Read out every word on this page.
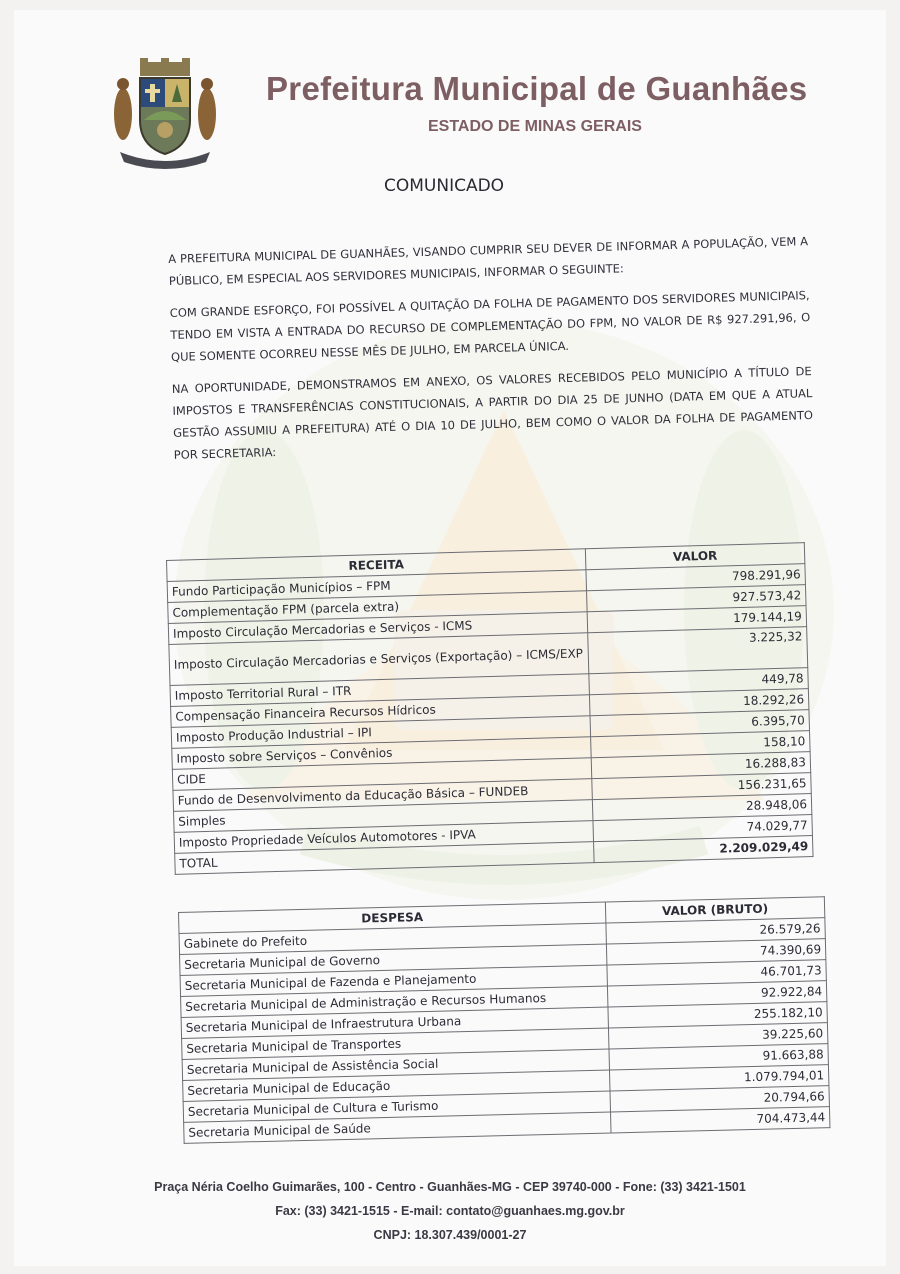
Prefeitura Municipal de Guanhães
ESTADO DE MINAS GERAIS
COMUNICADO

A PREFEITURA MUNICIPAL DE GUANHÃES, VISANDO CUMPRIR SEU DEVER DE INFORMAR A POPULAÇÃO, VEM A PÚBLICO, EM ESPECIAL AOS SERVIDORES MUNICIPAIS, INFORMAR O SEGUINTE:

COM GRANDE ESFORÇO, FOI POSSÍVEL A QUITAÇÃO DA FOLHA DE PAGAMENTO DOS SERVIDORES MUNICIPAIS, TENDO EM VISTA A ENTRADA DO RECURSO DE COMPLEMENTAÇÃO DO FPM, NO VALOR DE R$ 927.291,96, O QUE SOMENTE OCORREU NESSE MÊS DE JULHO, EM PARCELA ÚNICA.

NA OPORTUNIDADE, DEMONSTRAMOS EM ANEXO, OS VALORES RECEBIDOS PELO MUNICÍPIO A TÍTULO DE IMPOSTOS E TRANSFERÊNCIAS CONSTITUCIONAIS, A PARTIR DO DIA 25 DE JUNHO (DATA EM QUE A ATUAL GESTÃO ASSUMIU A PREFEITURA) ATÉ O DIA 10 DE JULHO, BEM COMO O VALOR DA FOLHA DE PAGAMENTO POR SECRETARIA:

RECEITA	VALOR
Fundo Participação Municípios – FPM	798.291,96
Complementação FPM (parcela extra)	927.573,42
Imposto Circulação Mercadorias e Serviços - ICMS	179.144,19
Imposto Circulação Mercadorias e Serviços (Exportação) – ICMS/EXP	3.225,32
Imposto Territorial Rural – ITR	449,78
Compensação Financeira Recursos Hídricos	18.292,26
Imposto Produção Industrial – IPI	6.395,70
Imposto sobre Serviços – Convênios	158,10
CIDE	16.288,83
Fundo de Desenvolvimento da Educação Básica – FUNDEB	156.231,65
Simples	28.948,06
Imposto Propriedade Veículos Automotores - IPVA	74.029,77
TOTAL	2.209.029,49
DESPESA	VALOR (BRUTO)
Gabinete do Prefeito	26.579,26
Secretaria Municipal de Governo	74.390,69
Secretaria Municipal de Fazenda e Planejamento	46.701,73
Secretaria Municipal de Administração e Recursos Humanos	92.922,84
Secretaria Municipal de Infraestrutura Urbana	255.182,10
Secretaria Municipal de Transportes	39.225,60
Secretaria Municipal de Assistência Social	91.663,88
Secretaria Municipal de Educação	1.079.794,01
Secretaria Municipal de Cultura e Turismo	20.794,66
Secretaria Municipal de Saúde	704.473,44
Praça Néria Coelho Guimarães, 100 - Centro - Guanhães-MG - CEP 39740-000 - Fone: (33) 3421-1501
Fax: (33) 3421-1515 - E-mail: contato@guanhaes.mg.gov.br
CNPJ: 18.307.439/0001-27
